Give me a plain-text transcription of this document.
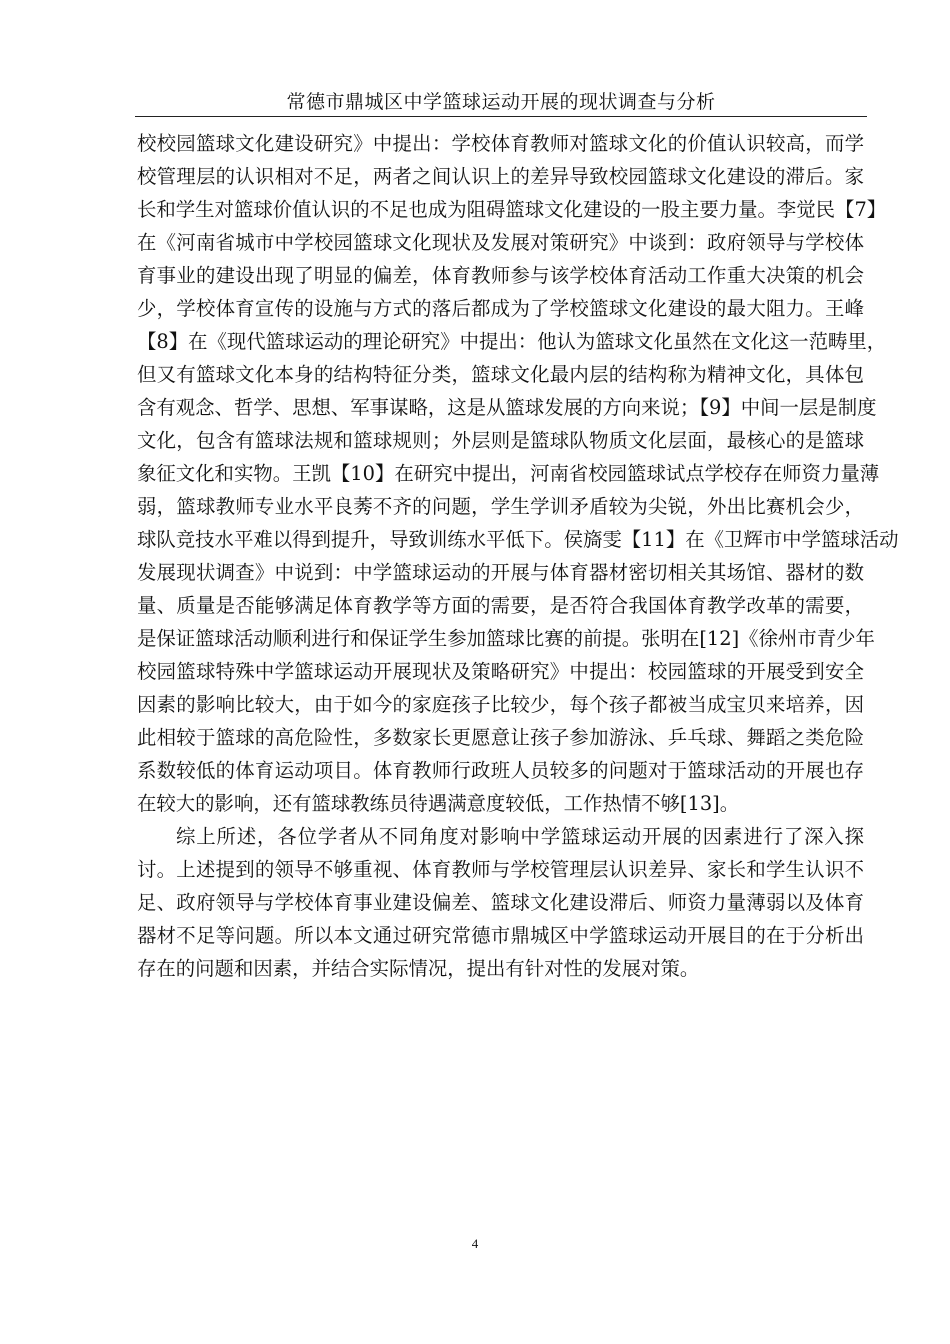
常德市鼎城区中学篮球运动开展的现状调查与分析
校校园篮球文化建设研究》中提出：学校体育教师对篮球文化的价值认识较高，而学
校管理层的认识相对不足，两者之间认识上的差异导致校园篮球文化建设的滞后。家
长和学生对篮球价值认识的不足也成为阻碍篮球文化建设的一股主要力量。李觉民【7】
在《河南省城市中学校园篮球文化现状及发展对策研究》中谈到：政府领导与学校体
育事业的建设出现了明显的偏差，体育教师参与该学校体育活动工作重大决策的机会
少，学校体育宣传的设施与方式的落后都成为了学校篮球文化建设的最大阻力。王峰
【8】在《现代篮球运动的理论研究》中提出：他认为篮球文化虽然在文化这一范畴里，
但又有篮球文化本身的结构特征分类，篮球文化最内层的结构称为精神文化，具体包
含有观念、哲学、思想、军事谋略，这是从篮球发展的方向来说；【9】中间一层是制度
文化，包含有篮球法规和篮球规则；外层则是篮球队物质文化层面，最核心的是篮球
象征文化和实物。王凯【10】在研究中提出，河南省校园篮球试点学校存在师资力量薄
弱，篮球教师专业水平良莠不齐的问题，学生学训矛盾较为尖锐，外出比赛机会少，
球队竞技水平难以得到提升，导致训练水平低下。侯旖雯【11】在《卫辉市中学篮球活动
发展现状调查》中说到：中学篮球运动的开展与体育器材密切相关其场馆、器材的数
量、质量是否能够满足体育教学等方面的需要，是否符合我国体育教学改革的需要，
是保证篮球活动顺利进行和保证学生参加篮球比赛的前提。张明在[12]《徐州市青少年
校园篮球特殊中学篮球运动开展现状及策略研究》中提出：校园篮球的开展受到安全
因素的影响比较大，由于如今的家庭孩子比较少，每个孩子都被当成宝贝来培养，因
此相较于篮球的高危险性，多数家长更愿意让孩子参加游泳、乒乓球、舞蹈之类危险
系数较低的体育运动项目。体育教师行政班人员较多的问题对于篮球活动的开展也存
在较大的影响，还有篮球教练员待遇满意度较低，工作热情不够[13]。
综上所述，各位学者从不同角度对影响中学篮球运动开展的因素进行了深入探
讨。上述提到的领导不够重视、体育教师与学校管理层认识差异、家长和学生认识不
足、政府领导与学校体育事业建设偏差、篮球文化建设滞后、师资力量薄弱以及体育
器材不足等问题。所以本文通过研究常德市鼎城区中学篮球运动开展目的在于分析出
存在的问题和因素，并结合实际情况，提出有针对性的发展对策。
4
